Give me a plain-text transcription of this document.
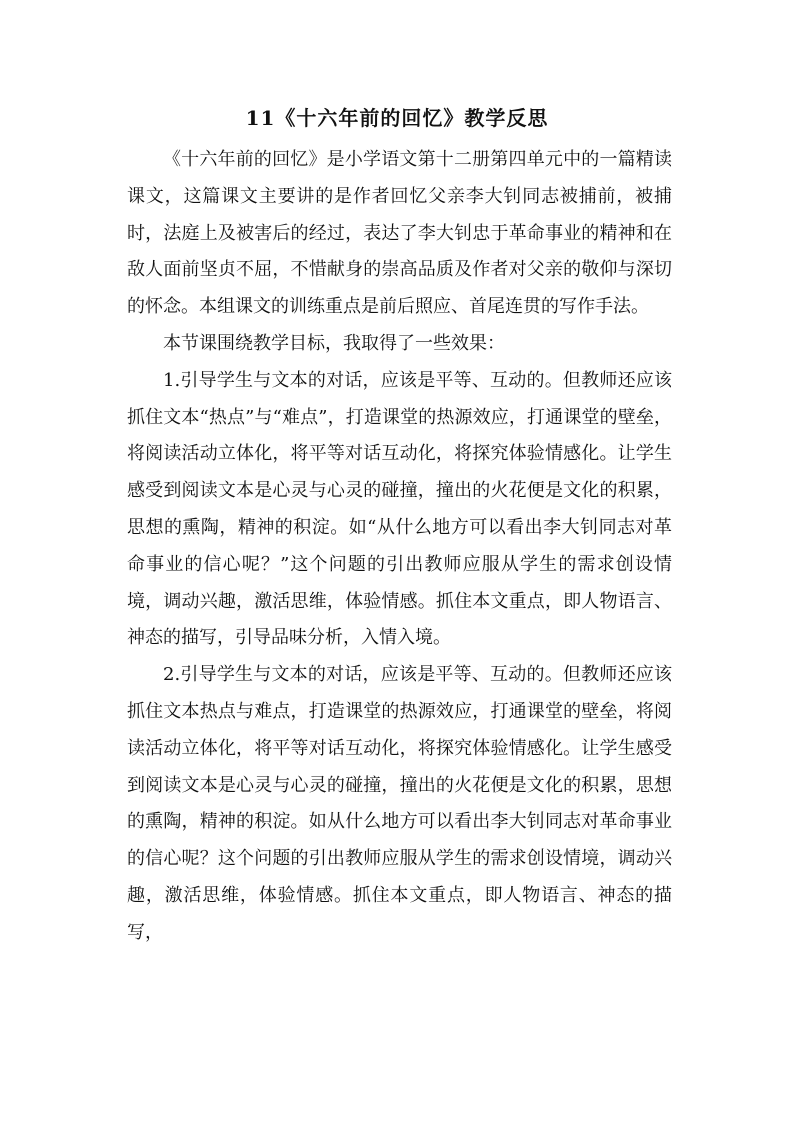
11《十六年前的回忆》教学反思

《十六年前的回忆》是小学语文第十二册第四单元中的一篇精读课文，这篇课文主要讲的是作者回忆父亲李大钊同志被捕前，被捕时，法庭上及被害后的经过，表达了李大钊忠于革命事业的精神和在敌人面前坚贞不屈，不惜献身的崇高品质及作者对父亲的敬仰与深切的怀念。本组课文的训练重点是前后照应、首尾连贯的写作手法。

本节课围绕教学目标，我取得了一些效果：

1.引导学生与文本的对话，应该是平等、互动的。但教师还应该抓住文本“热点”与“难点”，打造课堂的热源效应，打通课堂的壁垒，将阅读活动立体化，将平等对话互动化，将探究体验情感化。让学生感受到阅读文本是心灵与心灵的碰撞，撞出的火花便是文化的积累，思想的熏陶，精神的积淀。如“从什么地方可以看出李大钊同志对革命事业的信心呢？”这个问题的引出教师应服从学生的需求创设情境，调动兴趣，激活思维，体验情感。抓住本文重点，即人物语言、神态的描写，引导品味分析，入情入境。

2.引导学生与文本的对话，应该是平等、互动的。但教师还应该抓住文本热点与难点，打造课堂的热源效应，打通课堂的壁垒，将阅读活动立体化，将平等对话互动化，将探究体验情感化。让学生感受到阅读文本是心灵与心灵的碰撞，撞出的火花便是文化的积累，思想的熏陶，精神的积淀。如从什么地方可以看出李大钊同志对革命事业的信心呢？这个问题的引出教师应服从学生的需求创设情境，调动兴趣，激活思维，体验情感。抓住本文重点，即人物语言、神态的描写，
